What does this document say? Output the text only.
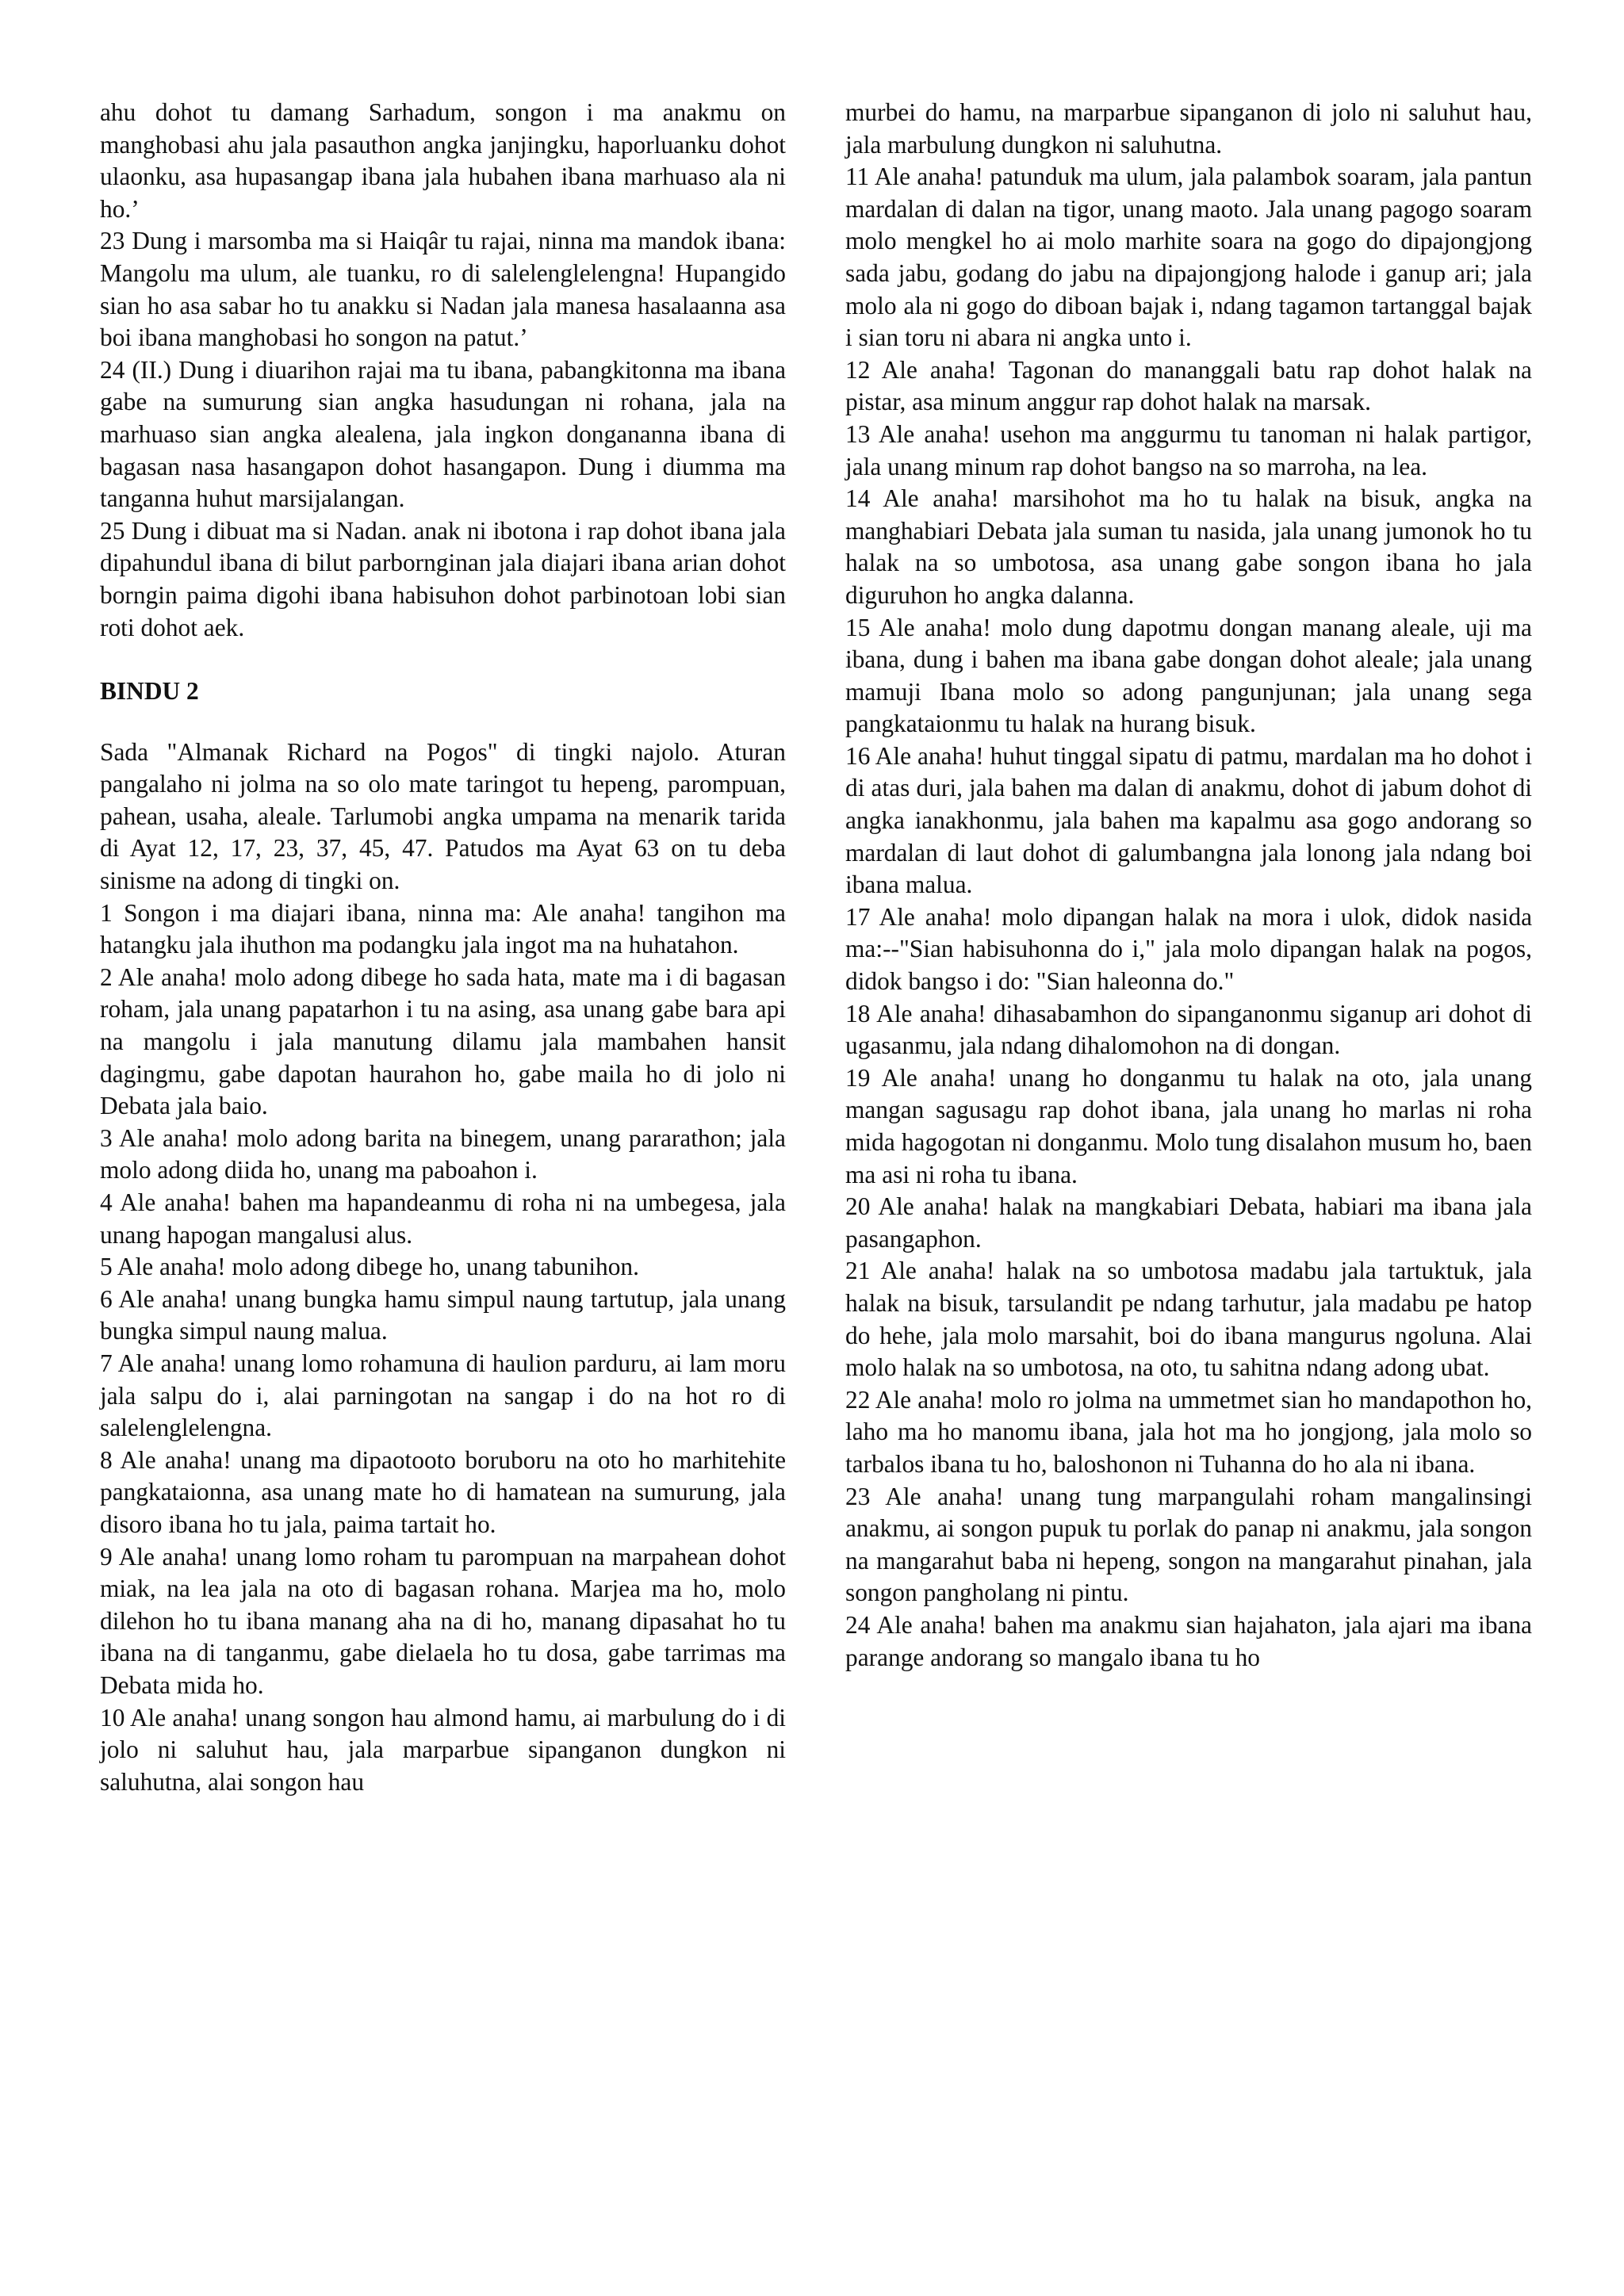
ahu dohot tu damang Sarhadum, songon i ma anakmu on manghobasi ahu jala pasauthon angka janjingku, haporluanku dohot ulaonku, asa hupasangap ibana jala hubahen ibana marhuaso ala ni ho.’

23 Dung i marsomba ma si Haiqâr tu rajai, ninna ma mandok ibana: Mangolu ma ulum, ale tuanku, ro di salelenglelengna! Hupangido sian ho asa sabar ho tu anakku si Nadan jala manesa hasalaanna asa boi ibana manghobasi ho songon na patut.’

24 (II.) Dung i diuarihon rajai ma tu ibana, pabangkitonna ma ibana gabe na sumurung sian angka hasudungan ni rohana, jala na marhuaso sian angka alealena, jala ingkon dongananna ibana di bagasan nasa hasangapon dohot hasangapon. Dung i diumma ma tanganna huhut marsijalangan.

25 Dung i dibuat ma si Nadan. anak ni ibotona i rap dohot ibana jala dipahundul ibana di bilut parbornginan jala diajari ibana arian dohot borngin paima digohi ibana habisuhon dohot parbinotoan lobi sian roti dohot aek.

BINDU 2

Sada "Almanak Richard na Pogos" di tingki najolo. Aturan pangalaho ni jolma na so olo mate taringot tu hepeng, parompuan, pahean, usaha, aleale. Tarlumobi angka umpama na menarik tarida di Ayat 12, 17, 23, 37, 45, 47. Patudos ma Ayat 63 on tu deba sinisme na adong di tingki on.

1 Songon i ma diajari ibana, ninna ma: Ale anaha! tangihon ma hatangku jala ihuthon ma podangku jala ingot ma na huhatahon.

2 Ale anaha! molo adong dibege ho sada hata, mate ma i di bagasan roham, jala unang papatarhon i tu na asing, asa unang gabe bara api na mangolu i jala manutung dilamu jala mambahen hansit dagingmu, gabe dapotan haurahon ho, gabe maila ho di jolo ni Debata jala baio.

3 Ale anaha! molo adong barita na binegem, unang pararathon; jala molo adong diida ho, unang ma paboahon i.

4 Ale anaha! bahen ma hapandeanmu di roha ni na umbegesa, jala unang hapogan mangalusi alus.

5 Ale anaha! molo adong dibege ho, unang tabunihon.

6 Ale anaha! unang bungka hamu simpul naung tartutup, jala unang bungka simpul naung malua.

7 Ale anaha! unang lomo rohamuna di haulion parduru, ai lam moru jala salpu do i, alai parningotan na sangap i do na hot ro di salelenglelengna.

8 Ale anaha! unang ma dipaotooto boruboru na oto ho marhitehite pangkataionna, asa unang mate ho di hamatean na sumurung, jala disoro ibana ho tu jala, paima tartait ho.

9 Ale anaha! unang lomo roham tu parompuan na marpahean dohot miak, na lea jala na oto di bagasan rohana. Marjea ma ho, molo dilehon ho tu ibana manang aha na di ho, manang dipasahat ho tu ibana na di tanganmu, gabe dielaela ho tu dosa, gabe tarrimas ma Debata mida ho.

10 Ale anaha! unang songon hau almond hamu, ai marbulung do i di jolo ni saluhut hau, jala marparbue sipanganon dungkon ni saluhutna, alai songon hau

murbei do hamu, na marparbue sipanganon di jolo ni saluhut hau, jala marbulung dungkon ni saluhutna.

11 Ale anaha! patunduk ma ulum, jala palambok soaram, jala pantun mardalan di dalan na tigor, unang maoto. Jala unang pagogo soaram molo mengkel ho ai molo marhite soara na gogo do dipajongjong sada jabu, godang do jabu na dipajongjong halode i ganup ari; jala molo ala ni gogo do diboan bajak i, ndang tagamon tartanggal bajak i sian toru ni abara ni angka unto i.

12 Ale anaha! Tagonan do mananggali batu rap dohot halak na pistar, asa minum anggur rap dohot halak na marsak.

13 Ale anaha! usehon ma anggurmu tu tanoman ni halak partigor, jala unang minum rap dohot bangso na so marroha, na lea.

14 Ale anaha! marsihohot ma ho tu halak na bisuk, angka na manghabiari Debata jala suman tu nasida, jala unang jumonok ho tu halak na so umbotosa, asa unang gabe songon ibana ho jala diguruhon ho angka dalanna.

15 Ale anaha! molo dung dapotmu dongan manang aleale, uji ma ibana, dung i bahen ma ibana gabe dongan dohot aleale; jala unang mamuji Ibana molo so adong pangunjunan; jala unang sega pangkataionmu tu halak na hurang bisuk.

16 Ale anaha! huhut tinggal sipatu di patmu, mardalan ma ho dohot i di atas duri, jala bahen ma dalan di anakmu, dohot di jabum dohot di angka ianakhonmu, jala bahen ma kapalmu asa gogo andorang so mardalan di laut dohot di galumbangna jala lonong jala ndang boi ibana malua.

17 Ale anaha! molo dipangan halak na mora i ulok, didok nasida ma:--"Sian habisuhonna do i," jala molo dipangan halak na pogos, didok bangso i do: "Sian haleonna do."

18 Ale anaha! dihasabamhon do sipanganonmu siganup ari dohot di ugasanmu, jala ndang dihalomohon na di dongan.

19 Ale anaha! unang ho donganmu tu halak na oto, jala unang mangan sagusagu rap dohot ibana, jala unang ho marlas ni roha mida hagogotan ni donganmu. Molo tung disalahon musum ho, baen ma asi ni roha tu ibana.

20 Ale anaha! halak na mangkabiari Debata, habiari ma ibana jala pasangaphon.

21 Ale anaha! halak na so umbotosa madabu jala tartuktuk, jala halak na bisuk, tarsulandit pe ndang tarhutur, jala madabu pe hatop do hehe, jala molo marsahit, boi do ibana mangurus ngoluna. Alai molo halak na so umbotosa, na oto, tu sahitna ndang adong ubat.

22 Ale anaha! molo ro jolma na ummetmet sian ho mandapothon ho, laho ma ho manomu ibana, jala hot ma ho jongjong, jala molo so tarbalos ibana tu ho, baloshonon ni Tuhanna do ho ala ni ibana.

23 Ale anaha! unang tung marpangulahi roham mangalinsingi anakmu, ai songon pupuk tu porlak do panap ni anakmu, jala songon na mangarahut baba ni hepeng, songon na mangarahut pinahan, jala songon pangholang ni pintu.

24 Ale anaha! bahen ma anakmu sian hajahaton, jala ajari ma ibana parange andorang so mangalo ibana tu ho
